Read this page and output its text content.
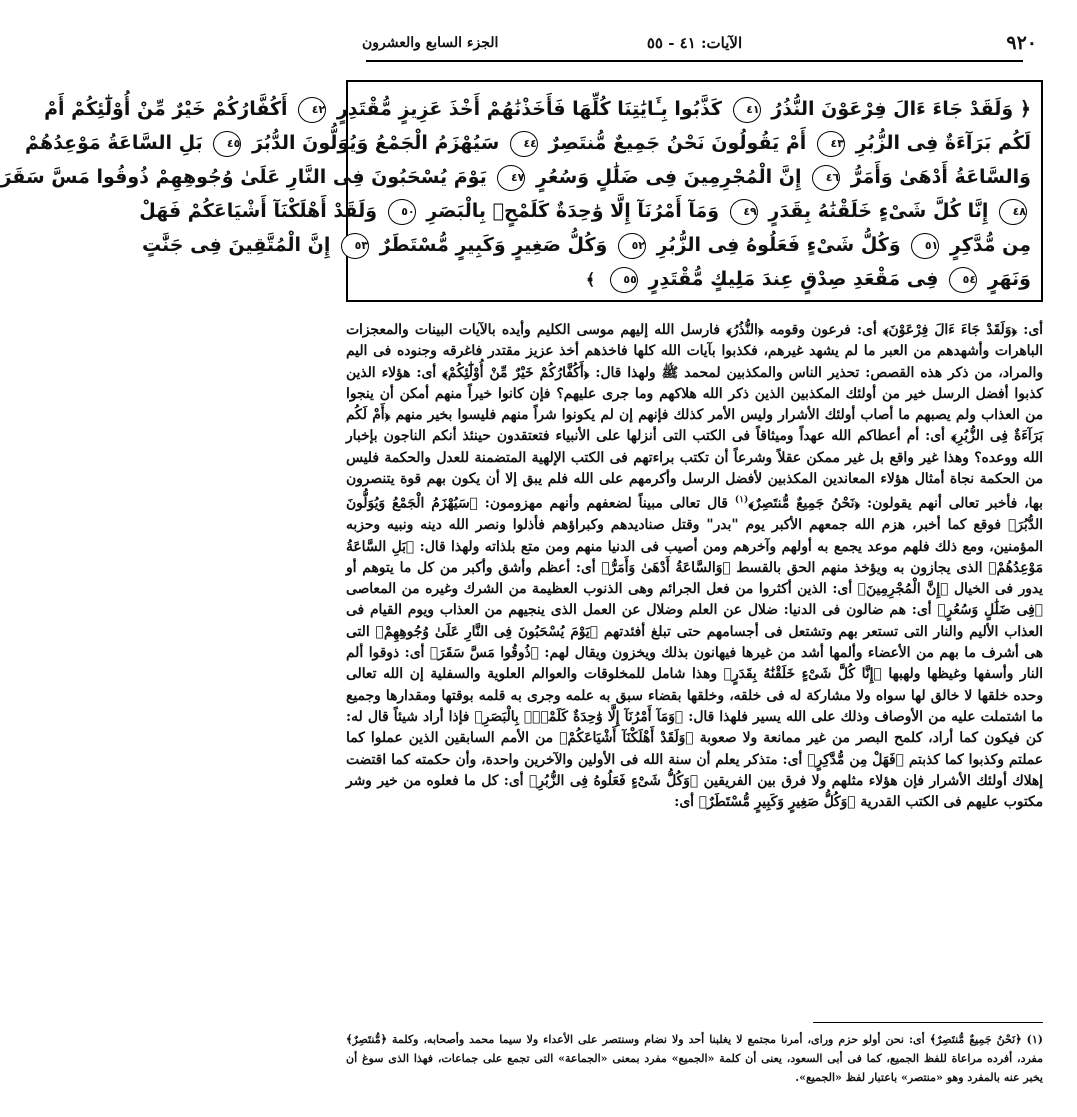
٩٢٠
الآيات: ٤١ - ٥٥
الجزء السابع والعشرون
﴿ وَلَقَدْ جَاءَ ءَالَ فِرْعَوْنَ النُّذُرُ ٤١ كَذَّبُوا بِـَٔايَٰتِنَا كُلِّهَا فَأَخَذْنَٰهُمْ أَخْذَ عَزِيزٍ مُّقْتَدِرٍ ٤٢ أَكُفَّارُكُمْ خَيْرٌ مِّنْ أُوْلَٰٓئِكُمْ أَمْ
لَكُم بَرَآءَةٌ فِى الزُّبُرِ ٤٣ أَمْ يَقُولُونَ نَحْنُ جَمِيعٌ مُّنتَصِرٌ ٤٤ سَيُهْزَمُ الْجَمْعُ وَيُوَلُّونَ الدُّبُرَ ٤٥ بَلِ السَّاعَةُ مَوْعِدُهُمْ
وَالسَّاعَةُ أَدْهَىٰ وَأَمَرُّ ٤٦ إِنَّ الْمُجْرِمِينَ فِى ضَلَٰلٍ وَسُعُرٍ ٤٧ يَوْمَ يُسْحَبُونَ فِى النَّارِ عَلَىٰ وُجُوهِهِمْ ذُوقُوا مَسَّ سَقَرَ
٤٨ إِنَّا كُلَّ شَىْءٍ خَلَقْنَٰهُ بِقَدَرٍ ٤٩ وَمَآ أَمْرُنَآ إِلَّا وَٰحِدَةٌ كَلَمْحٍۭ بِالْبَصَرِ ٥٠ وَلَقَدْ أَهْلَكْنَآ أَشْيَاعَكُمْ فَهَلْ
مِن مُّدَّكِرٍ ٥١ وَكُلُّ شَىْءٍ فَعَلُوهُ فِى الزُّبُرِ ٥٢ وَكُلُّ صَغِيرٍ وَكَبِيرٍ مُّسْتَطَرٌ ٥٣ إِنَّ الْمُتَّقِينَ فِى جَنَّٰتٍ
وَنَهَرٍ ٥٤ فِى مَقْعَدِ صِدْقٍ عِندَ مَلِيكٍ مُّقْتَدِرٍ ٥٥ ﴾

أى: ﴿وَلَقَدْ جَاءَ ءَالَ فِرْعَوْنَ﴾ أى: فرعون وقومه ﴿النُّذُرُ﴾ فارسل الله إليهم موسى الكليم وأيده بالآيات البينات والمعجزات الباهرات وأشهدهم من العبر ما لم يشهد غيرهم، فكذبوا بآيات الله كلها فاخذهم أخذ عزيز مقتدر فاغرقه وجنوده فى اليم والمراد، من ذكر هذه القصص: تحذير الناس والمكذبين لمحمد ﷺ ولهذا قال: ﴿أَكُفَّارُكُمْ خَيْرٌ مِّنْ أُوْلَٰٓئِكُمْ﴾ أى: هؤلاء الذين كذبوا أفضل الرسل خير من أولئك المكذبين الذين ذكر الله هلاكهم وما جرى عليهم؟ فإن كانوا خيراً منهم أمكن أن ينجوا من العذاب ولم يصبهم ما أصاب أولئك الأشرار وليس الأمر كذلك فإنهم إن لم يكونوا شراً منهم فليسوا بخير منهم ﴿أَمْ لَكُم بَرَآءَةٌ فِى الزُّبُرِ﴾ أى: أم أعطاكم الله عهداً وميثاقاً فى الكتب التى أنزلها على الأنبياء فتعتقدون حينئذ أنكم الناجون بإخبار الله ووعده؟ وهذا غير واقع بل غير ممكن عقلاً وشرعاً أن تكتب براءتهم فى الكتب الإلهية المتضمنة للعدل والحكمة فليس من الحكمة نجاة أمثال هؤلاء المعاندين المكذبين لأفضل الرسل وأكرمهم على الله فلم يبق إلا أن يكون بهم قوة يتنصرون بها، فأخبر تعالى أنهم يقولون: ﴿نَحْنُ جَمِيعٌ مُّنتَصِرٌ﴾$^{(١)}$ قال تعالى مبيناً لضعفهم وأنهم مهزومون: ﴿سَيُهْزَمُ الْجَمْعُ وَيُوَلُّونَ الدُّبُرَ﴾ فوقع كما أخبر، هزم الله جمعهم الأكبر يوم "بدر" وقتل صناديدهم وكبراؤهم فأذلوا ونصر الله دينه ونبيه وحزبه المؤمنين، ومع ذلك فلهم موعد يجمع به أولهم وآخرهم ومن أصيب فى الدنيا منهم ومن متع بلذاته ولهذا قال: ﴿بَلِ السَّاعَةُ مَوْعِدُهُمْ﴾ الذى يجازون به ويؤخذ منهم الحق بالقسط ﴿وَالسَّاعَةُ أَدْهَىٰ وَأَمَرُّ﴾ أى: أعظم وأشق وأكبر من كل ما يتوهم أو يدور فى الخيال ﴿إِنَّ الْمُجْرِمِينَ﴾ أى: الذين أكثروا من فعل الجرائم وهى الذنوب العظيمة من الشرك وغيره من المعاصى ﴿فِى ضَلَٰلٍ وَسُعُرٍ﴾ أى: هم ضالون فى الدنيا: ضلال عن العلم وضلال عن العمل الذى ينجيهم من العذاب ويوم القيام فى العذاب الأليم والنار التى تستعر بهم وتشتعل فى أجسامهم حتى تبلغ أفئدتهم ﴿يَوْمَ يُسْحَبُونَ فِى النَّارِ عَلَىٰ وُجُوهِهِمْ﴾ التى هى أشرف ما بهم من الأعضاء وألمها أشد من غيرها فيهانون بذلك ويخزون ويقال لهم: ﴿ذُوقُوا مَسَّ سَقَرَ﴾ أى: ذوقوا ألم النار وأسفها وغيظها ولهبها ﴿إِنَّا كُلَّ شَىْءٍ خَلَقْنَٰهُ بِقَدَرٍ﴾ وهذا شامل للمخلوقات والعوالم العلوية والسفلية إن الله تعالى وحده خلقها لا خالق لها سواه ولا مشاركة له فى خلقه، وخلقها بقضاء سبق به علمه وجرى به قلمه بوقتها ومقدارها وجميع ما اشتملت عليه من الأوصاف وذلك على الله يسير فلهذا قال: ﴿وَمَآ أَمْرُنَآ إِلَّا وَٰحِدَةٌ كَلَمْحٍۭ بِالْبَصَرِ﴾ فإذا أراد شيئاً قال له: كن فيكون كما أراد، كلمح البصر من غير ممانعة ولا صعوبة ﴿وَلَقَدْ أَهْلَكْنَآ أَشْيَاعَكُمْ﴾ من الأمم السابقين الذين عملوا كما عملتم وكذبوا كما كذبتم ﴿فَهَلْ مِن مُّدَّكِرٍ﴾ أى: متذكر يعلم أن سنة الله فى الأولين والآخرين واحدة، وأن حكمته كما اقتضت إهلاك أولئك الأشرار فإن هؤلاء مثلهم ولا فرق بين الفريقين ﴿وَكُلُّ شَىْءٍ فَعَلُوهُ فِى الزُّبُرِ﴾ أى: كل ما فعلوه من خير وشر مكتوب عليهم فى الكتب القدرية ﴿وَكُلُّ صَغِيرٍ وَكَبِيرٍ مُّسْتَطَرٌ﴾ أى:

(١) ﴿نَحْنُ جَمِيعٌ مُّنتَصِرٌ﴾ أى: نحن أولو حزم وراى، أمرنا مجتمع لا يغلبنا أحد ولا نضام وسنتصر على الأعداء ولا سيما محمد وأصحابه، وكلمة ﴿مُّنتَصِرٌ﴾ مفرد، أفرده مراعاة للفظ الجميع، كما فى أبى السعود، يعنى أن كلمة «الجميع» مفرد بمعنى «الجماعة» التى تجمع على جماعات، فهذا الذى سوغ أن يخبر عنه بالمفرد وهو «منتصر» باعتبار لفظ «الجميع».
